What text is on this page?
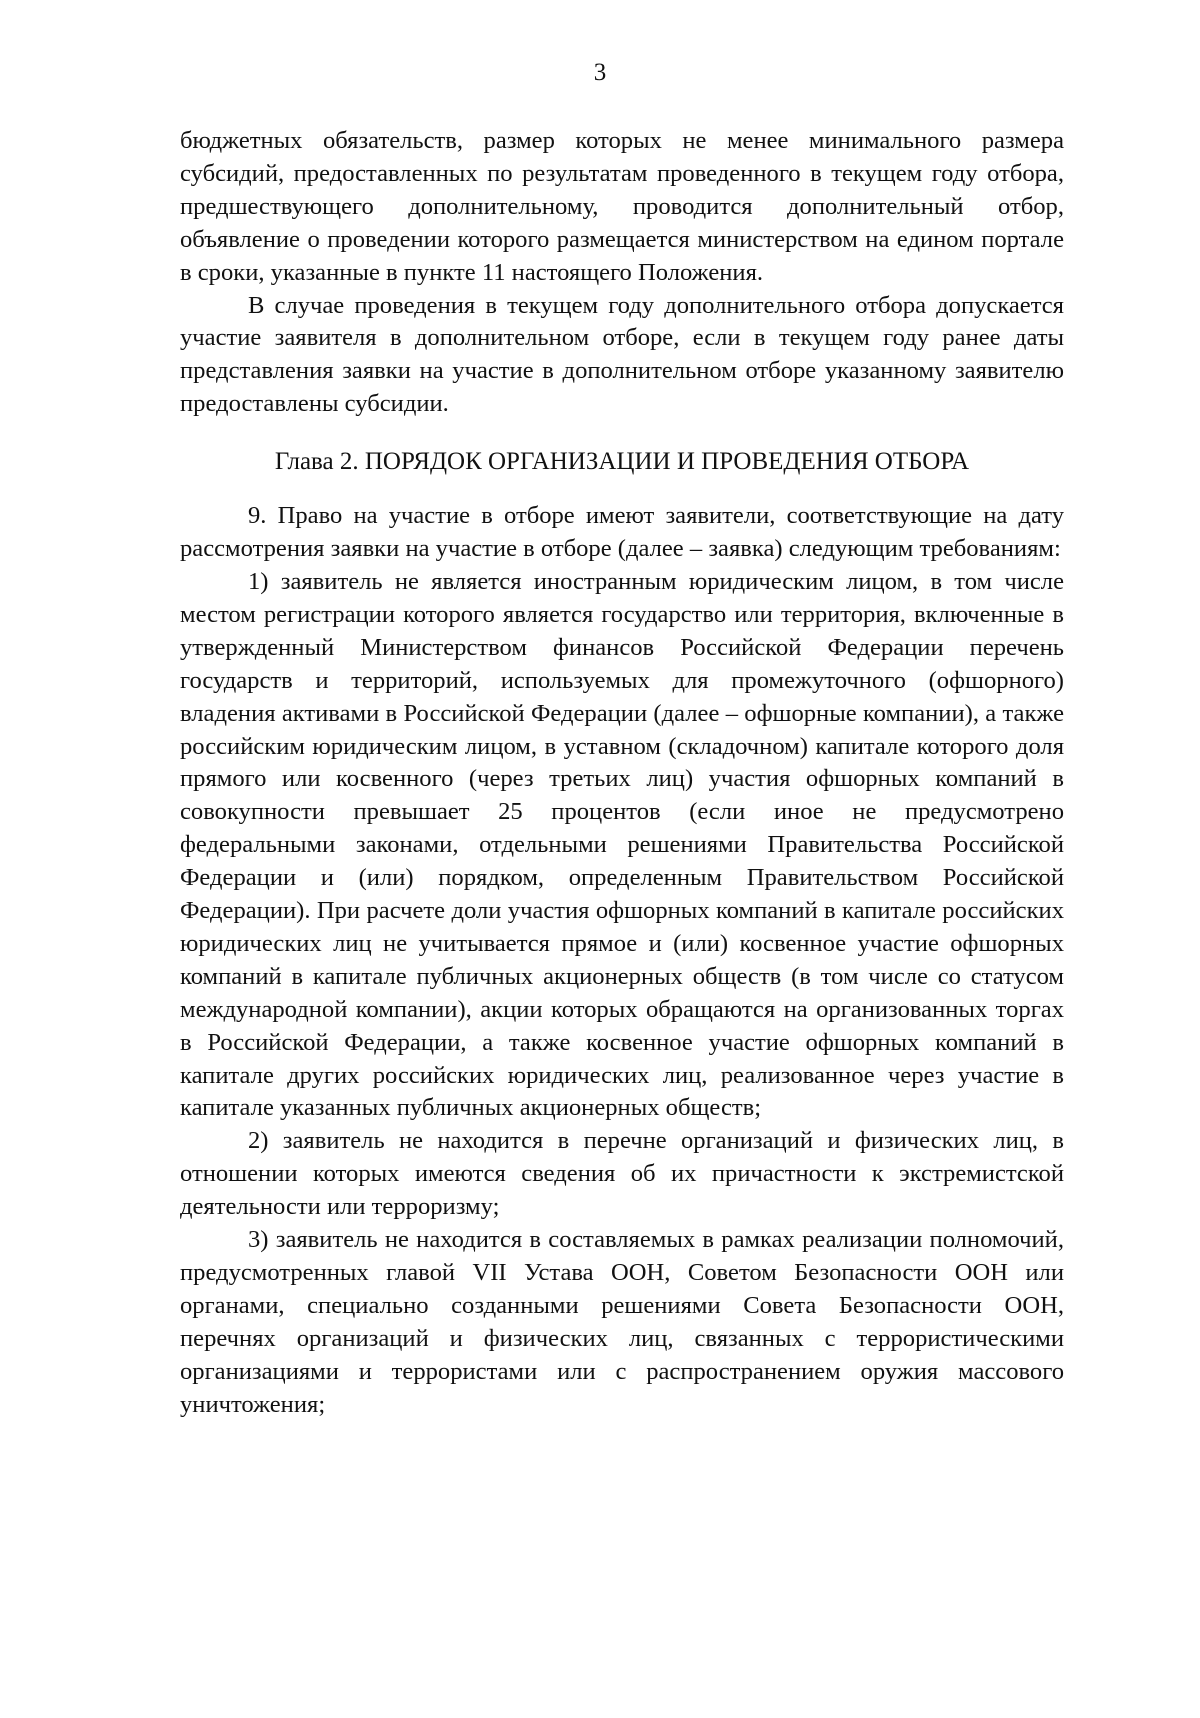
3

бюджетных обязательств, размер которых не менее минимального размера субсидий, предоставленных по результатам проведенного в текущем году отбора, предшествующего дополнительному, проводится дополнительный отбор, объявление о проведении которого размещается министерством на едином портале в сроки, указанные в пункте 11 настоящего Положения.

В случае проведения в текущем году дополнительного отбора допускается участие заявителя в дополнительном отборе, если в текущем году ранее даты представления заявки на участие в дополнительном отборе указанному заявителю предоставлены субсидии.

Глава 2. ПОРЯДОК ОРГАНИЗАЦИИ И ПРОВЕДЕНИЯ ОТБОРА

9. Право на участие в отборе имеют заявители, соответствующие на дату рассмотрения заявки на участие в отборе (далее – заявка) следующим требованиям:

1) заявитель не является иностранным юридическим лицом, в том числе местом регистрации которого является государство или территория, включенные в утвержденный Министерством финансов Российской Федерации перечень государств и территорий, используемых для промежуточного (офшорного) владения активами в Российской Федерации (далее – офшорные компании), а также российским юридическим лицом, в уставном (складочном) капитале которого доля прямого или косвенного (через третьих лиц) участия офшорных компаний в совокупности превышает 25 процентов (если иное не предусмотрено федеральными законами, отдельными решениями Правительства Российской Федерации и (или) порядком, определенным Правительством Российской Федерации). При расчете доли участия офшорных компаний в капитале российских юридических лиц не учитывается прямое и (или) косвенное участие офшорных компаний в капитале публичных акционерных обществ (в том числе со статусом международной компании), акции которых обращаются на организованных торгах в Российской Федерации, а также косвенное участие офшорных компаний в капитале других российских юридических лиц, реализованное через участие в капитале указанных публичных акционерных обществ;

2) заявитель не находится в перечне организаций и физических лиц, в отношении которых имеются сведения об их причастности к экстремистской деятельности или терроризму;

3) заявитель не находится в составляемых в рамках реализации полномочий, предусмотренных главой VII Устава ООН, Советом Безопасности ООН или органами, специально созданными решениями Совета Безопасности ООН, перечнях организаций и физических лиц, связанных с террористическими организациями и террористами или с распространением оружия массового уничтожения;
